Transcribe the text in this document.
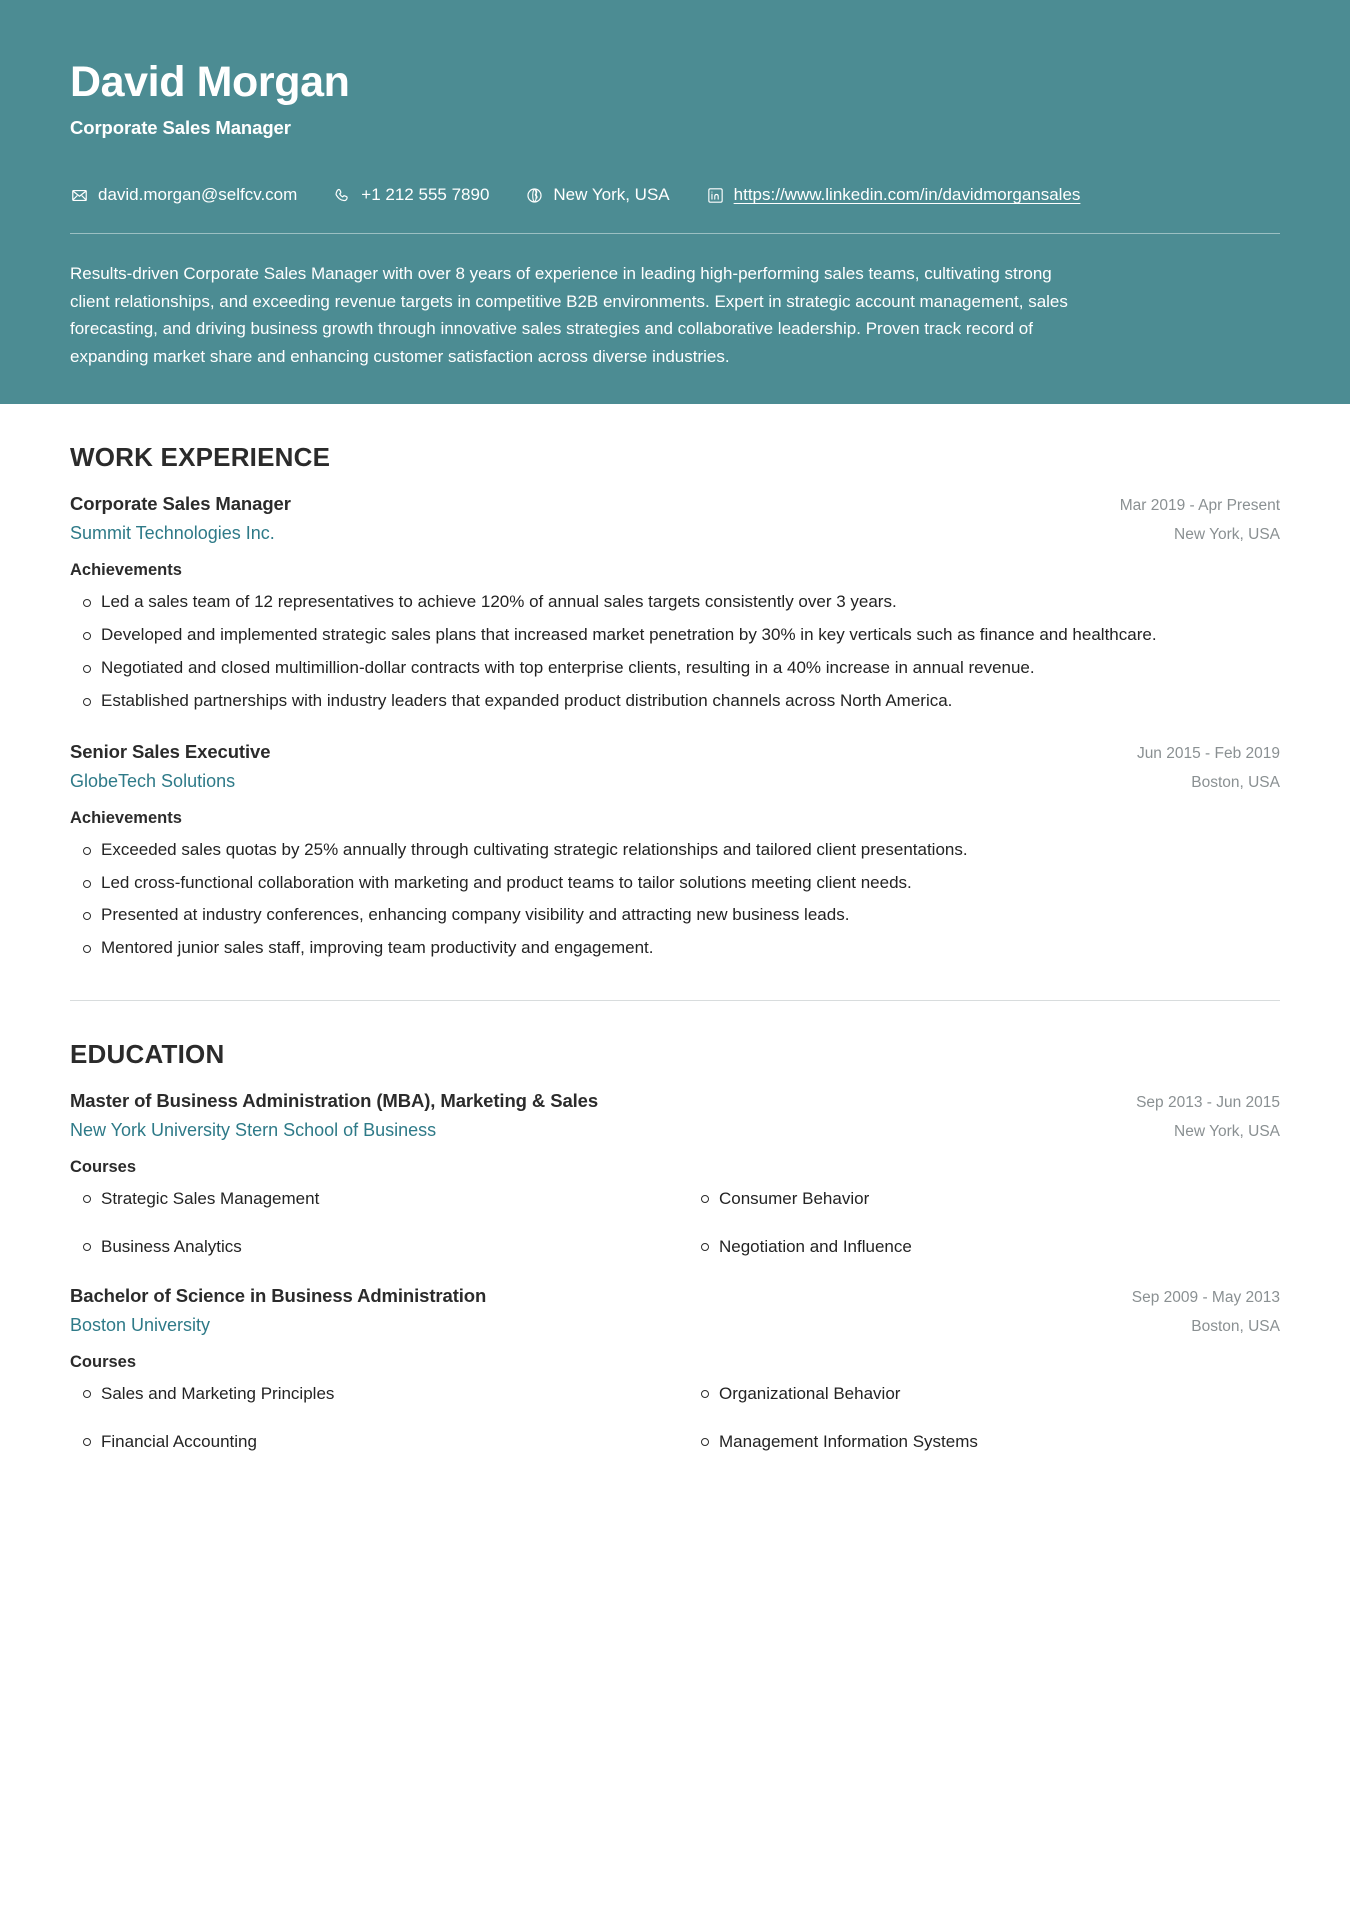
David Morgan
Corporate Sales Manager
david.morgan@selfcv.com	+1 212 555 7890	New York, USA	https://www.linkedin.com/in/davidmorgansales
Results-driven Corporate Sales Manager with over 8 years of experience in leading high-performing sales teams, cultivating strong client relationships, and exceeding revenue targets in competitive B2B environments. Expert in strategic account management, sales forecasting, and driving business growth through innovative sales strategies and collaborative leadership. Proven track record of expanding market share and enhancing customer satisfaction across diverse industries.
WORK EXPERIENCE
Corporate Sales Manager
Summit Technologies Inc.
Mar 2019 - Apr Present
New York, USA
Achievements
Led a sales team of 12 representatives to achieve 120% of annual sales targets consistently over 3 years.
Developed and implemented strategic sales plans that increased market penetration by 30% in key verticals such as finance and healthcare.
Negotiated and closed multimillion-dollar contracts with top enterprise clients, resulting in a 40% increase in annual revenue.
Established partnerships with industry leaders that expanded product distribution channels across North America.
Senior Sales Executive
GlobeTech Solutions
Jun 2015 - Feb 2019
Boston, USA
Achievements
Exceeded sales quotas by 25% annually through cultivating strategic relationships and tailored client presentations.
Led cross-functional collaboration with marketing and product teams to tailor solutions meeting client needs.
Presented at industry conferences, enhancing company visibility and attracting new business leads.
Mentored junior sales staff, improving team productivity and engagement.
EDUCATION
Master of Business Administration (MBA), Marketing & Sales
New York University Stern School of Business
Sep 2013 - Jun 2015
New York, USA
Courses
Strategic Sales Management	Consumer Behavior
Business Analytics	Negotiation and Influence
Bachelor of Science in Business Administration
Boston University
Sep 2009 - May 2013
Boston, USA
Courses
Sales and Marketing Principles	Organizational Behavior
Financial Accounting	Management Information Systems
